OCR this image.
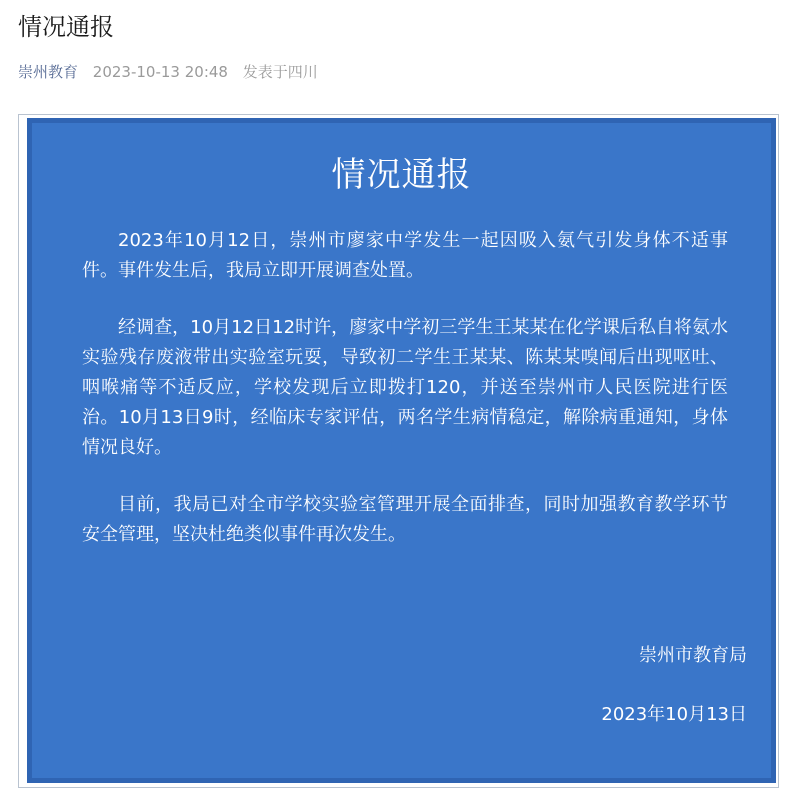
情况通报
崇州教育 2023-10-13 20:48 发表于四川
情况通报

2023年10月12日，崇州市廖家中学发生一起因吸入氨气引发身体不适事件。事件发生后，我局立即开展调查处置。

经调查，10月12日12时许，廖家中学初三学生王某某在化学课后私自将氨水实验残存废液带出实验室玩耍，导致初二学生王某某、陈某某嗅闻后出现呕吐、咽喉痛等不适反应，学校发现后立即拨打120，并送至崇州市人民医院进行医治。10月13日9时，经临床专家评估，两名学生病情稳定，解除病重通知，身体情况良好。

目前，我局已对全市学校实验室管理开展全面排查，同时加强教育教学环节安全管理，坚决杜绝类似事件再次发生。

崇州市教育局
2023年10月13日
